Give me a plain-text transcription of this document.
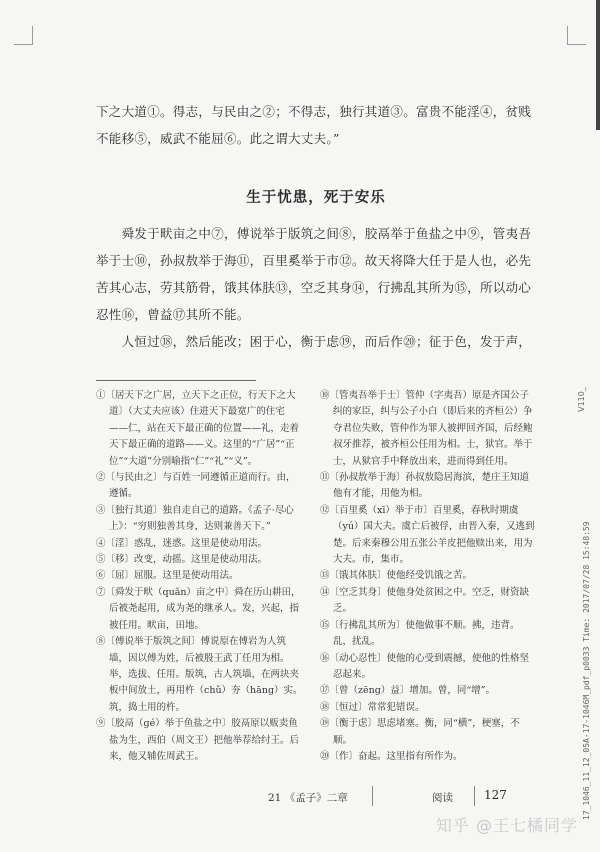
V110_
17_1046_11_12_05A-17-1046M_pdf_p0033 Time: 2017/07/28 15:48:59

下之大道①。得志，与民由之②；不得志，独行其道③。富贵不能淫④，贫贱

不能移⑤，威武不能屈⑥。此之谓大丈夫。”

生于忧患，死于安乐

　　舜发于畎亩之中⑦，傅说举于版筑之间⑧，胶鬲举于鱼盐之中⑨，管夷吾

举于士⑩，孙叔敖举于海⑪，百里奚举于市⑫。故天将降大任于是人也，必先

苦其心志，劳其筋骨，饿其体肤⑬，空乏其身⑭，行拂乱其所为⑮，所以动心

忍性⑯，曾益⑰其所不能。

　　人恒过⑱，然后能改；困于心，衡于虑⑲，而后作⑳；征于色，发于声，

①〔居天下之广居，立天下之正位，行天下之大道〕（大丈夫应该）住进天下最宽广的住宅——仁，站在天下最正确的位置——礼，走着天下最正确的道路——义。这里的“广居”“正位”“大道”分别喻指“仁”“礼”“义”。

②〔与民由之〕与百姓一同遵循正道而行。由，遵循。

③〔独行其道〕独自走自己的道路。《孟子·尽心上》：“穷则独善其身，达则兼善天下。”

④〔淫〕惑乱，迷惑。这里是使动用法。

⑤〔移〕改变，动摇。这里是使动用法。

⑥〔屈〕屈服。这里是使动用法。

⑦〔舜发于畎（quǎn）亩之中〕舜在历山耕田，后被尧起用，成为尧的继承人。发，兴起，指被任用。畎亩，田地。

⑧〔傅说举于版筑之间〕傅说原在傅岩为人筑墙，因以傅为姓，后被殷王武丁任用为相。举，选拔、任用。版筑，古人筑墙，在两块夹板中间放土，再用杵（chǔ）夯（hāng）实。筑，捣土用的杵。

⑨〔胶鬲（gé）举于鱼盐之中〕胶鬲原以贩卖鱼盐为生，西伯（周文王）把他举荐给纣王。后来，他又辅佐周武王。

⑩〔管夷吾举于士〕管仲（字夷吾）原是齐国公子纠的家臣，纠与公子小白（即后来的齐桓公）争夺君位失败，管仲作为罪人被押回齐国，后经鲍叔牙推荐，被齐桓公任用为相。士，狱官。举于士，从狱官手中释放出来，进而得到任用。

⑪〔孙叔敖举于海〕孙叔敖隐居海滨，楚庄王知道他有才能，用他为相。

⑫〔百里奚（xī）举于市〕百里奚，春秋时期虞（yú）国大夫。虞亡后被俘，由晋入秦，又逃到楚。后来秦穆公用五张公羊皮把他赎出来，用为大夫。市，集市。

⑬〔饿其体肤〕使他经受饥饿之苦。

⑭〔空乏其身〕使他身处贫困之中。空乏，财资缺乏。

⑮〔行拂乱其所为〕使他做事不顺。拂，违背。乱，扰乱。

⑯〔动心忍性〕使他的心受到震撼，使他的性格坚忍起来。

⑰〔曾（zēng）益〕增加。曾，同“增”。

⑱〔恒过〕常常犯错误。

⑲〔衡于虑〕思虑堵塞。衡，同“横”，梗塞，不顺。

⑳〔作〕奋起。这里指有所作为。

21 《孟子》二章	阅读	127
知乎 @王七橘同学
